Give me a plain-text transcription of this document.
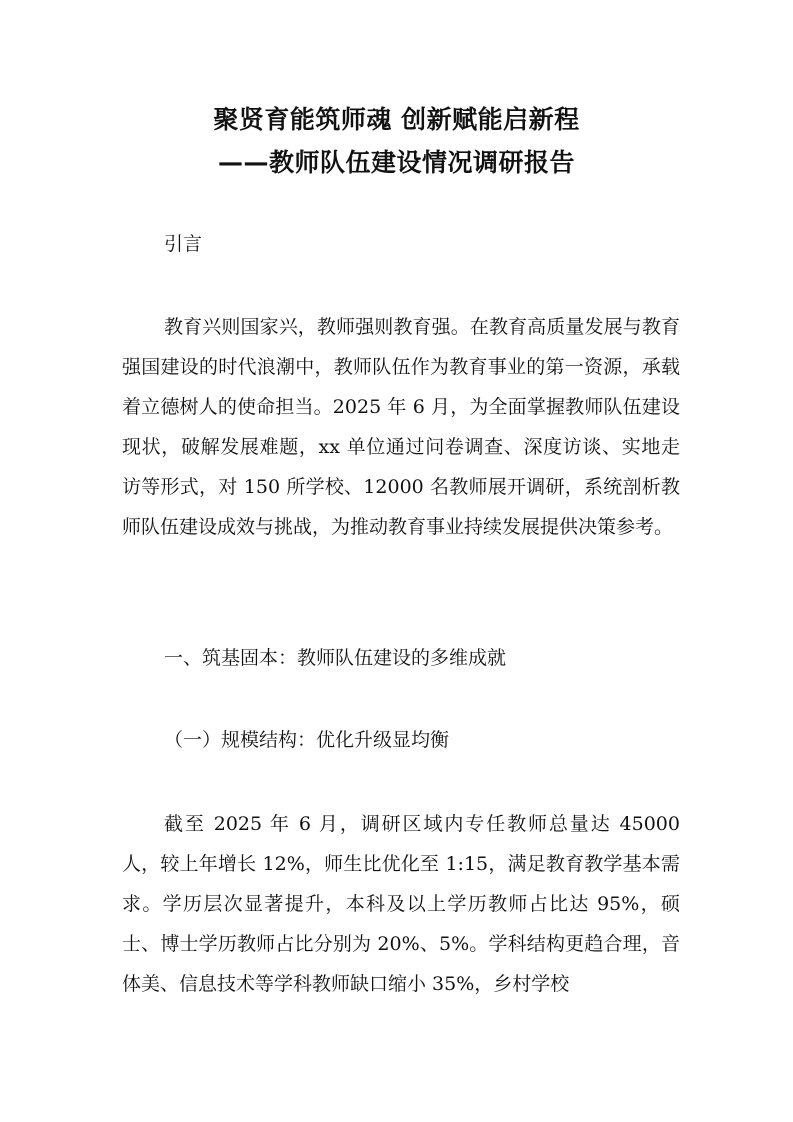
聚贤育能筑师魂 创新赋能启新程
——教师队伍建设情况调研报告
引言
教育兴则国家兴，教师强则教育强。在教育高质量发展与教育强国建设的时代浪潮中，教师队伍作为教育事业的第一资源，承载着立德树人的使命担当。2025 年 6 月，为全面掌握教师队伍建设现状，破解发展难题，xx 单位通过问卷调查、深度访谈、实地走访等形式，对 150 所学校、12000 名教师展开调研，系统剖析教师队伍建设成效与挑战，为推动教育事业持续发展提供决策参考。
一、筑基固本：教师队伍建设的多维成就
（一）规模结构：优化升级显均衡
截至 2025 年 6 月，调研区域内专任教师总量达 45000 人，较上年增长 12%，师生比优化至 1:15，满足教育教学基本需求。学历层次显著提升，本科及以上学历教师占比达 95%，硕士、博士学历教师占比分别为 20%、5%。学科结构更趋合理，音体美、信息技术等学科教师缺口缩小 35%，乡村学校
